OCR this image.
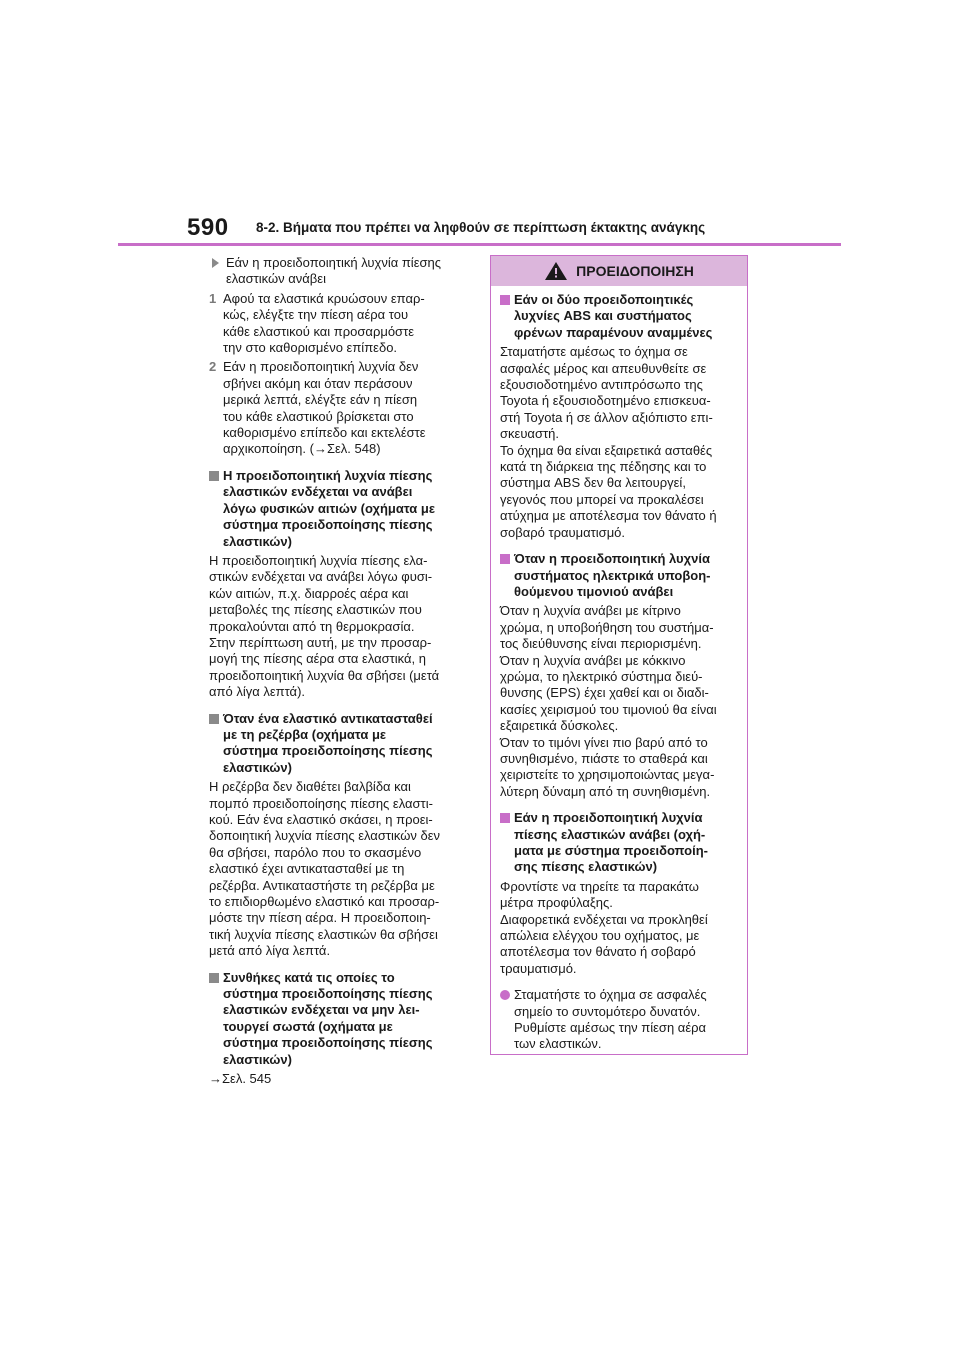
590 8-2. Βήματα που πρέπει να ληφθούν σε περίπτωση έκτακτης ανάγκης
Εάν η προειδοποιητική λυχνία πίεσης
ελαστικών ανάβει
1 Αφού τα ελαστικά κρυώσουν επαρ-
κώς, ελέγξτε την πίεση αέρα του
κάθε ελαστικού και προσαρμόστε
την στο καθορισμένο επίπεδο.
2 Εάν η προειδοποιητική λυχνία δεν
σβήνει ακόμη και όταν περάσουν
μερικά λεπτά, ελέγξτε εάν η πίεση
του κάθε ελαστικού βρίσκεται στο
καθορισμένο επίπεδο και εκτελέστε
αρχικοποίηση. (→Σελ. 548)
Η προειδοποιητική λυχνία πίεσης
ελαστικών ενδέχεται να ανάβει
λόγω φυσικών αιτιών (οχήματα με
σύστημα προειδοποίησης πίεσης
ελαστικών)

Η προειδοποιητική λυχνία πίεσης ελα-
στικών ενδέχεται να ανάβει λόγω φυσι-
κών αιτιών, π.χ. διαρροές αέρα και
μεταβολές της πίεσης ελαστικών που
προκαλούνται από τη θερμοκρασία.
Στην περίπτωση αυτή, με την προσαρ-
μογή της πίεσης αέρα στα ελαστικά, η
προειδοποιητική λυχνία θα σβήσει (μετά
από λίγα λεπτά).

Όταν ένα ελαστικό αντικατασταθεί
με τη ρεζέρβα (οχήματα με
σύστημα προειδοποίησης πίεσης
ελαστικών)

Η ρεζέρβα δεν διαθέτει βαλβίδα και
πομπό προειδοποίησης πίεσης ελαστι-
κού. Εάν ένα ελαστικό σκάσει, η προει-
δοποιητική λυχνία πίεσης ελαστικών δεν
θα σβήσει, παρόλο που το σκασμένο
ελαστικό έχει αντικατασταθεί με τη
ρεζέρβα. Αντικαταστήστε τη ρεζέρβα με
το επιδιορθωμένο ελαστικό και προσαρ-
μόστε την πίεση αέρα. Η προειδοποιη-
τική λυχνία πίεσης ελαστικών θα σβήσει
μετά από λίγα λεπτά.

Συνθήκες κατά τις οποίες το
σύστημα προειδοποίησης πίεσης
ελαστικών ενδέχεται να μην λει-
τουργεί σωστά (οχήματα με
σύστημα προειδοποίησης πίεσης
ελαστικών)

→Σελ. 545

ΠΡΟΕΙΔΟΠΟΙΗΣΗ
Εάν οι δύο προειδοποιητικές
λυχνίες ABS και συστήματος
φρένων παραμένουν αναμμένες

Σταματήστε αμέσως το όχημα σε
ασφαλές μέρος και απευθυνθείτε σε
εξουσιοδοτημένο αντιπρόσωπο της
Toyota ή εξουσιοδοτημένο επισκευα-
στή Toyota ή σε άλλον αξιόπιστο επι-
σκευαστή.
Το όχημα θα είναι εξαιρετικά ασταθές
κατά τη διάρκεια της πέδησης και το
σύστημα ABS δεν θα λειτουργεί,
γεγονός που μπορεί να προκαλέσει
ατύχημα με αποτέλεσμα τον θάνατο ή
σοβαρό τραυματισμό.

Όταν η προειδοποιητική λυχνία
συστήματος ηλεκτρικά υποβοη-
θούμενου τιμονιού ανάβει

Όταν η λυχνία ανάβει με κίτρινο
χρώμα, η υποβοήθηση του συστήμα-
τος διεύθυνσης είναι περιορισμένη.
Όταν η λυχνία ανάβει με κόκκινο
χρώμα, το ηλεκτρικό σύστημα διεύ-
θυνσης (EPS) έχει χαθεί και οι διαδι-
κασίες χειρισμού του τιμονιού θα είναι
εξαιρετικά δύσκολες.
Όταν το τιμόνι γίνει πιο βαρύ από το
συνηθισμένο, πιάστε το σταθερά και
χειριστείτε το χρησιμοποιώντας μεγα-
λύτερη δύναμη από τη συνηθισμένη.

Εάν η προειδοποιητική λυχνία
πίεσης ελαστικών ανάβει (οχή-
ματα με σύστημα προειδοποίη-
σης πίεσης ελαστικών)

Φροντίστε να τηρείτε τα παρακάτω
μέτρα προφύλαξης.
Διαφορετικά ενδέχεται να προκληθεί
απώλεια ελέγχου του οχήματος, με
αποτέλεσμα τον θάνατο ή σοβαρό
τραυματισμό.

Σταματήστε το όχημα σε ασφαλές
σημείο το συντομότερο δυνατόν.
Ρυθμίστε αμέσως την πίεση αέρα
των ελαστικών.
